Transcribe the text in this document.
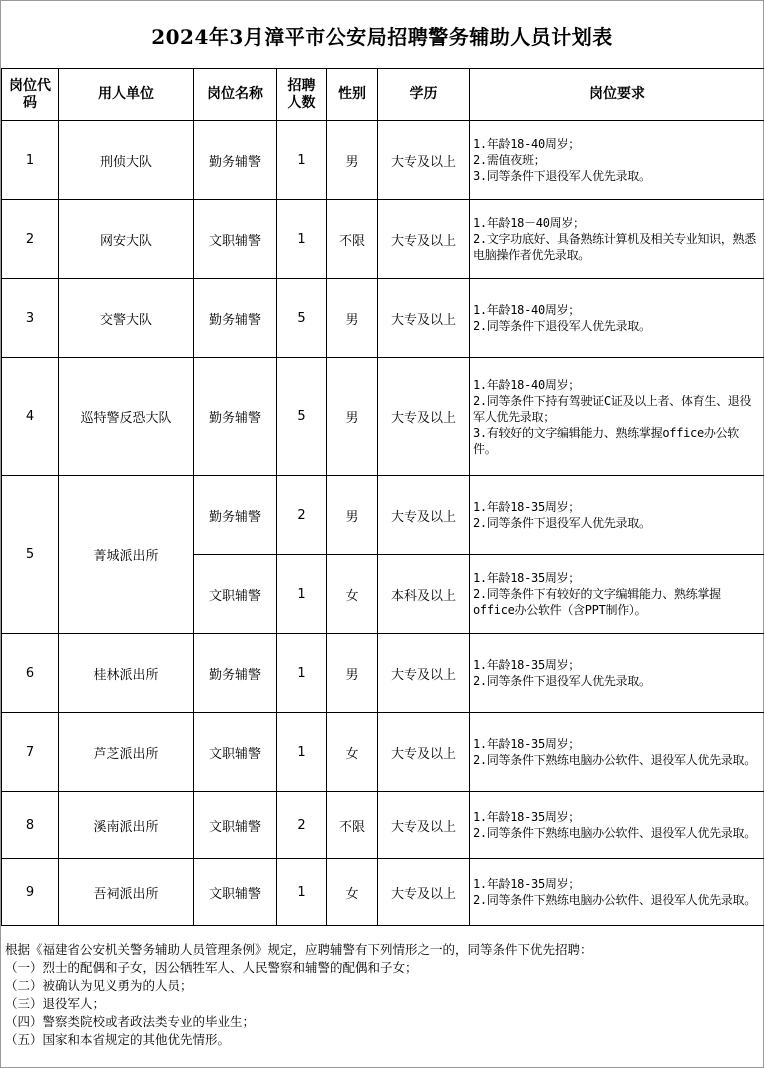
2024年3月漳平市公安局招聘警务辅助人员计划表
岗位代码	用人单位	岗位名称	招聘人数	性别	学历	岗位要求
1	刑侦大队	勤务辅警	1	男	大专及以上	1.年龄18-40周岁；
2.需值夜班；
3.同等条件下退役军人优先录取。

2	网安大队	文职辅警	1	不限	大专及以上	1.年龄18－40周岁；
2.文字功底好、具备熟练计算机及相关专业知识，熟悉电脑操作者优先录取。

3	交警大队	勤务辅警	5	男	大专及以上	1.年龄18-40周岁；
2.同等条件下退役军人优先录取。

4	巡特警反恐大队	勤务辅警	5	男	大专及以上	1.年龄18-40周岁；
2.同等条件下持有驾驶证C证及以上者、体育生、退役军人优先录取；
3.有较好的文字编辑能力、熟练掌握office办公软件。

5	菁城派出所	勤务辅警	2	男	大专及以上	1.年龄18-35周岁；
2.同等条件下退役军人优先录取。

		文职辅警	1	女	本科及以上	1.年龄18-35周岁；
2.同等条件下有较好的文字编辑能力、熟练掌握office办公软件（含PPT制作）。

6	桂林派出所	勤务辅警	1	男	大专及以上	1.年龄18-35周岁；
2.同等条件下退役军人优先录取。

7	芦芝派出所	文职辅警	1	女	大专及以上	1.年龄18-35周岁；
2.同等条件下熟练电脑办公软件、退役军人优先录取。

8	溪南派出所	文职辅警	2	不限	大专及以上	1.年龄18-35周岁；
2.同等条件下熟练电脑办公软件、退役军人优先录取。

9	吾祠派出所	文职辅警	1	女	大专及以上	1.年龄18-35周岁；
2.同等条件下熟练电脑办公软件、退役军人优先录取。
根据《福建省公安机关警务辅助人员管理条例》规定，应聘辅警有下列情形之一的，同等条件下优先招聘：
（一）烈士的配偶和子女，因公牺牲军人、人民警察和辅警的配偶和子女；
（二）被确认为见义勇为的人员；
（三）退役军人；
（四）警察类院校或者政法类专业的毕业生；
（五）国家和本省规定的其他优先情形。
